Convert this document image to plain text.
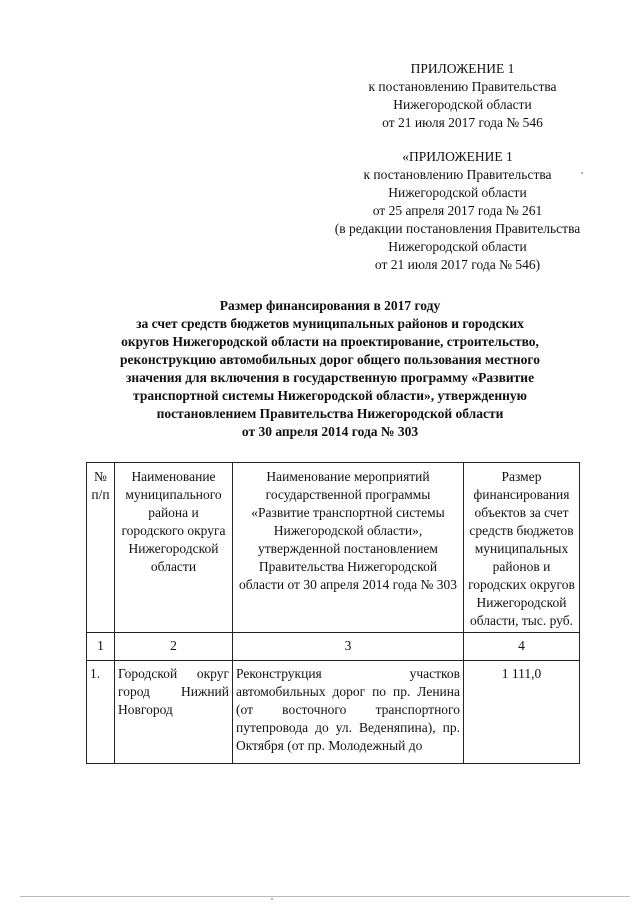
ПРИЛОЖЕНИЕ 1
к постановлению Правительства
Нижегородской области
от 21 июля 2017 года № 546
«ПРИЛОЖЕНИЕ 1
к постановлению Правительства
Нижегородской области
от 25 апреля 2017 года № 261
(в редакции постановления Правительства
Нижегородской области
от 21 июля 2017 года № 546)
Размер финансирования в 2017 году
за счет средств бюджетов муниципальных районов и городских
округов Нижегородской области на проектирование, строительство,
реконструкцию автомобильных дорог общего пользования местного
значения для включения в государственную программу «Развитие
транспортной системы Нижегородской области», утвержденную
постановлением Правительства Нижегородской области
от 30 апреля 2014 года № 303
№ п/п	Наименование муниципального района и городского округа Нижегородской области	Наименование мероприятий государственной программы «Развитие транспортной системы Нижегородской области», утвержденной постановлением Правительства Нижегородской области от 30 апреля 2014 года № 303	Размер финансирования объектов за счет средств бюджетов муниципальных районов и городских округов Нижегородской области, тыс. руб.
1	2	3	4
1.	Городской округ город Нижний Новгород	Реконструкция участков автомобильных дорог по пр. Ленина (от восточного транспортного путепровода до ул. Веденяпина), пр. Октября (от пр. Молодежный до	1 111,0
